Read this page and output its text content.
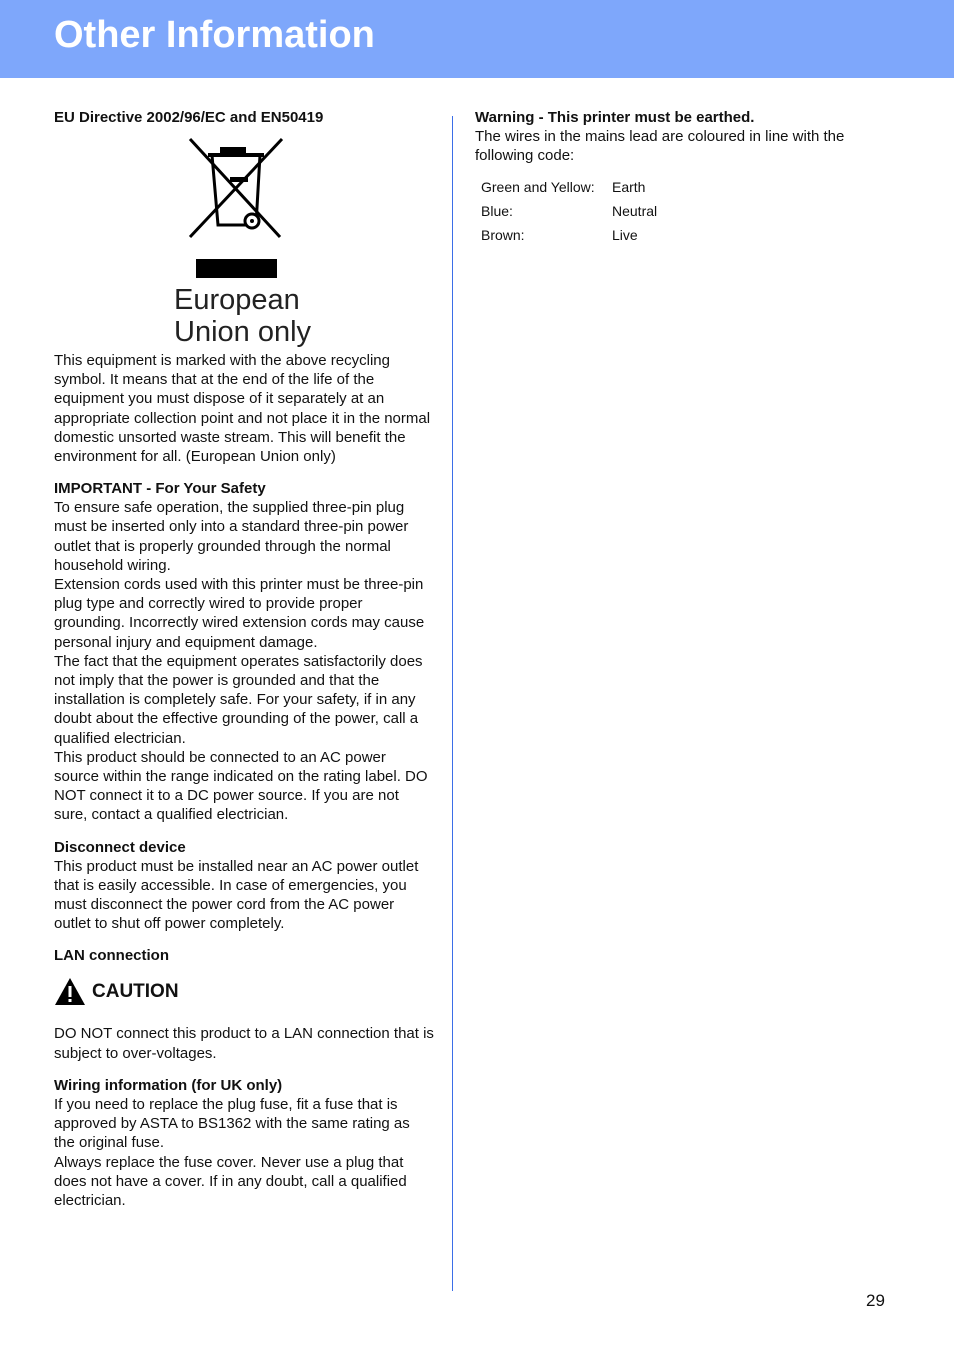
Other Information

EU Directive 2002/96/EC and EN50419

European
Union only

This equipment is marked with the above recycling symbol. It means that at the end of the life of the equipment you must dispose of it separately at an appropriate collection point and not place it in the normal domestic unsorted waste stream. This will benefit the environment for all. (European Union only)

IMPORTANT - For Your Safety

To ensure safe operation, the supplied three-pin plug must be inserted only into a standard three-pin power outlet that is properly grounded through the normal household wiring.

Extension cords used with this printer must be three-pin plug type and correctly wired to provide proper grounding. Incorrectly wired extension cords may cause personal injury and equipment damage.

The fact that the equipment operates satisfactorily does not imply that the power is grounded and that the installation is completely safe. For your safety, if in any doubt about the effective grounding of the power, call a qualified electrician.

This product should be connected to an AC power source within the range indicated on the rating label. DO NOT connect it to a DC power source. If you are not sure, contact a qualified electrician.

Disconnect device

This product must be installed near an AC power outlet that is easily accessible. In case of emergencies, you must disconnect the power cord from the AC power outlet to shut off power completely.

LAN connection

CAUTION

DO NOT connect this product to a LAN connection that is subject to over-voltages.

Wiring information (for UK only)

If you need to replace the plug fuse, fit a fuse that is approved by ASTA to BS1362 with the same rating as the original fuse.

Always replace the fuse cover. Never use a plug that does not have a cover. If in any doubt, call a qualified electrician.

Warning - This printer must be earthed.

The wires in the mains lead are coloured in line with the following code:

Green and Yellow:	Earth
Blue:	Neutral
Brown:	Live
29
